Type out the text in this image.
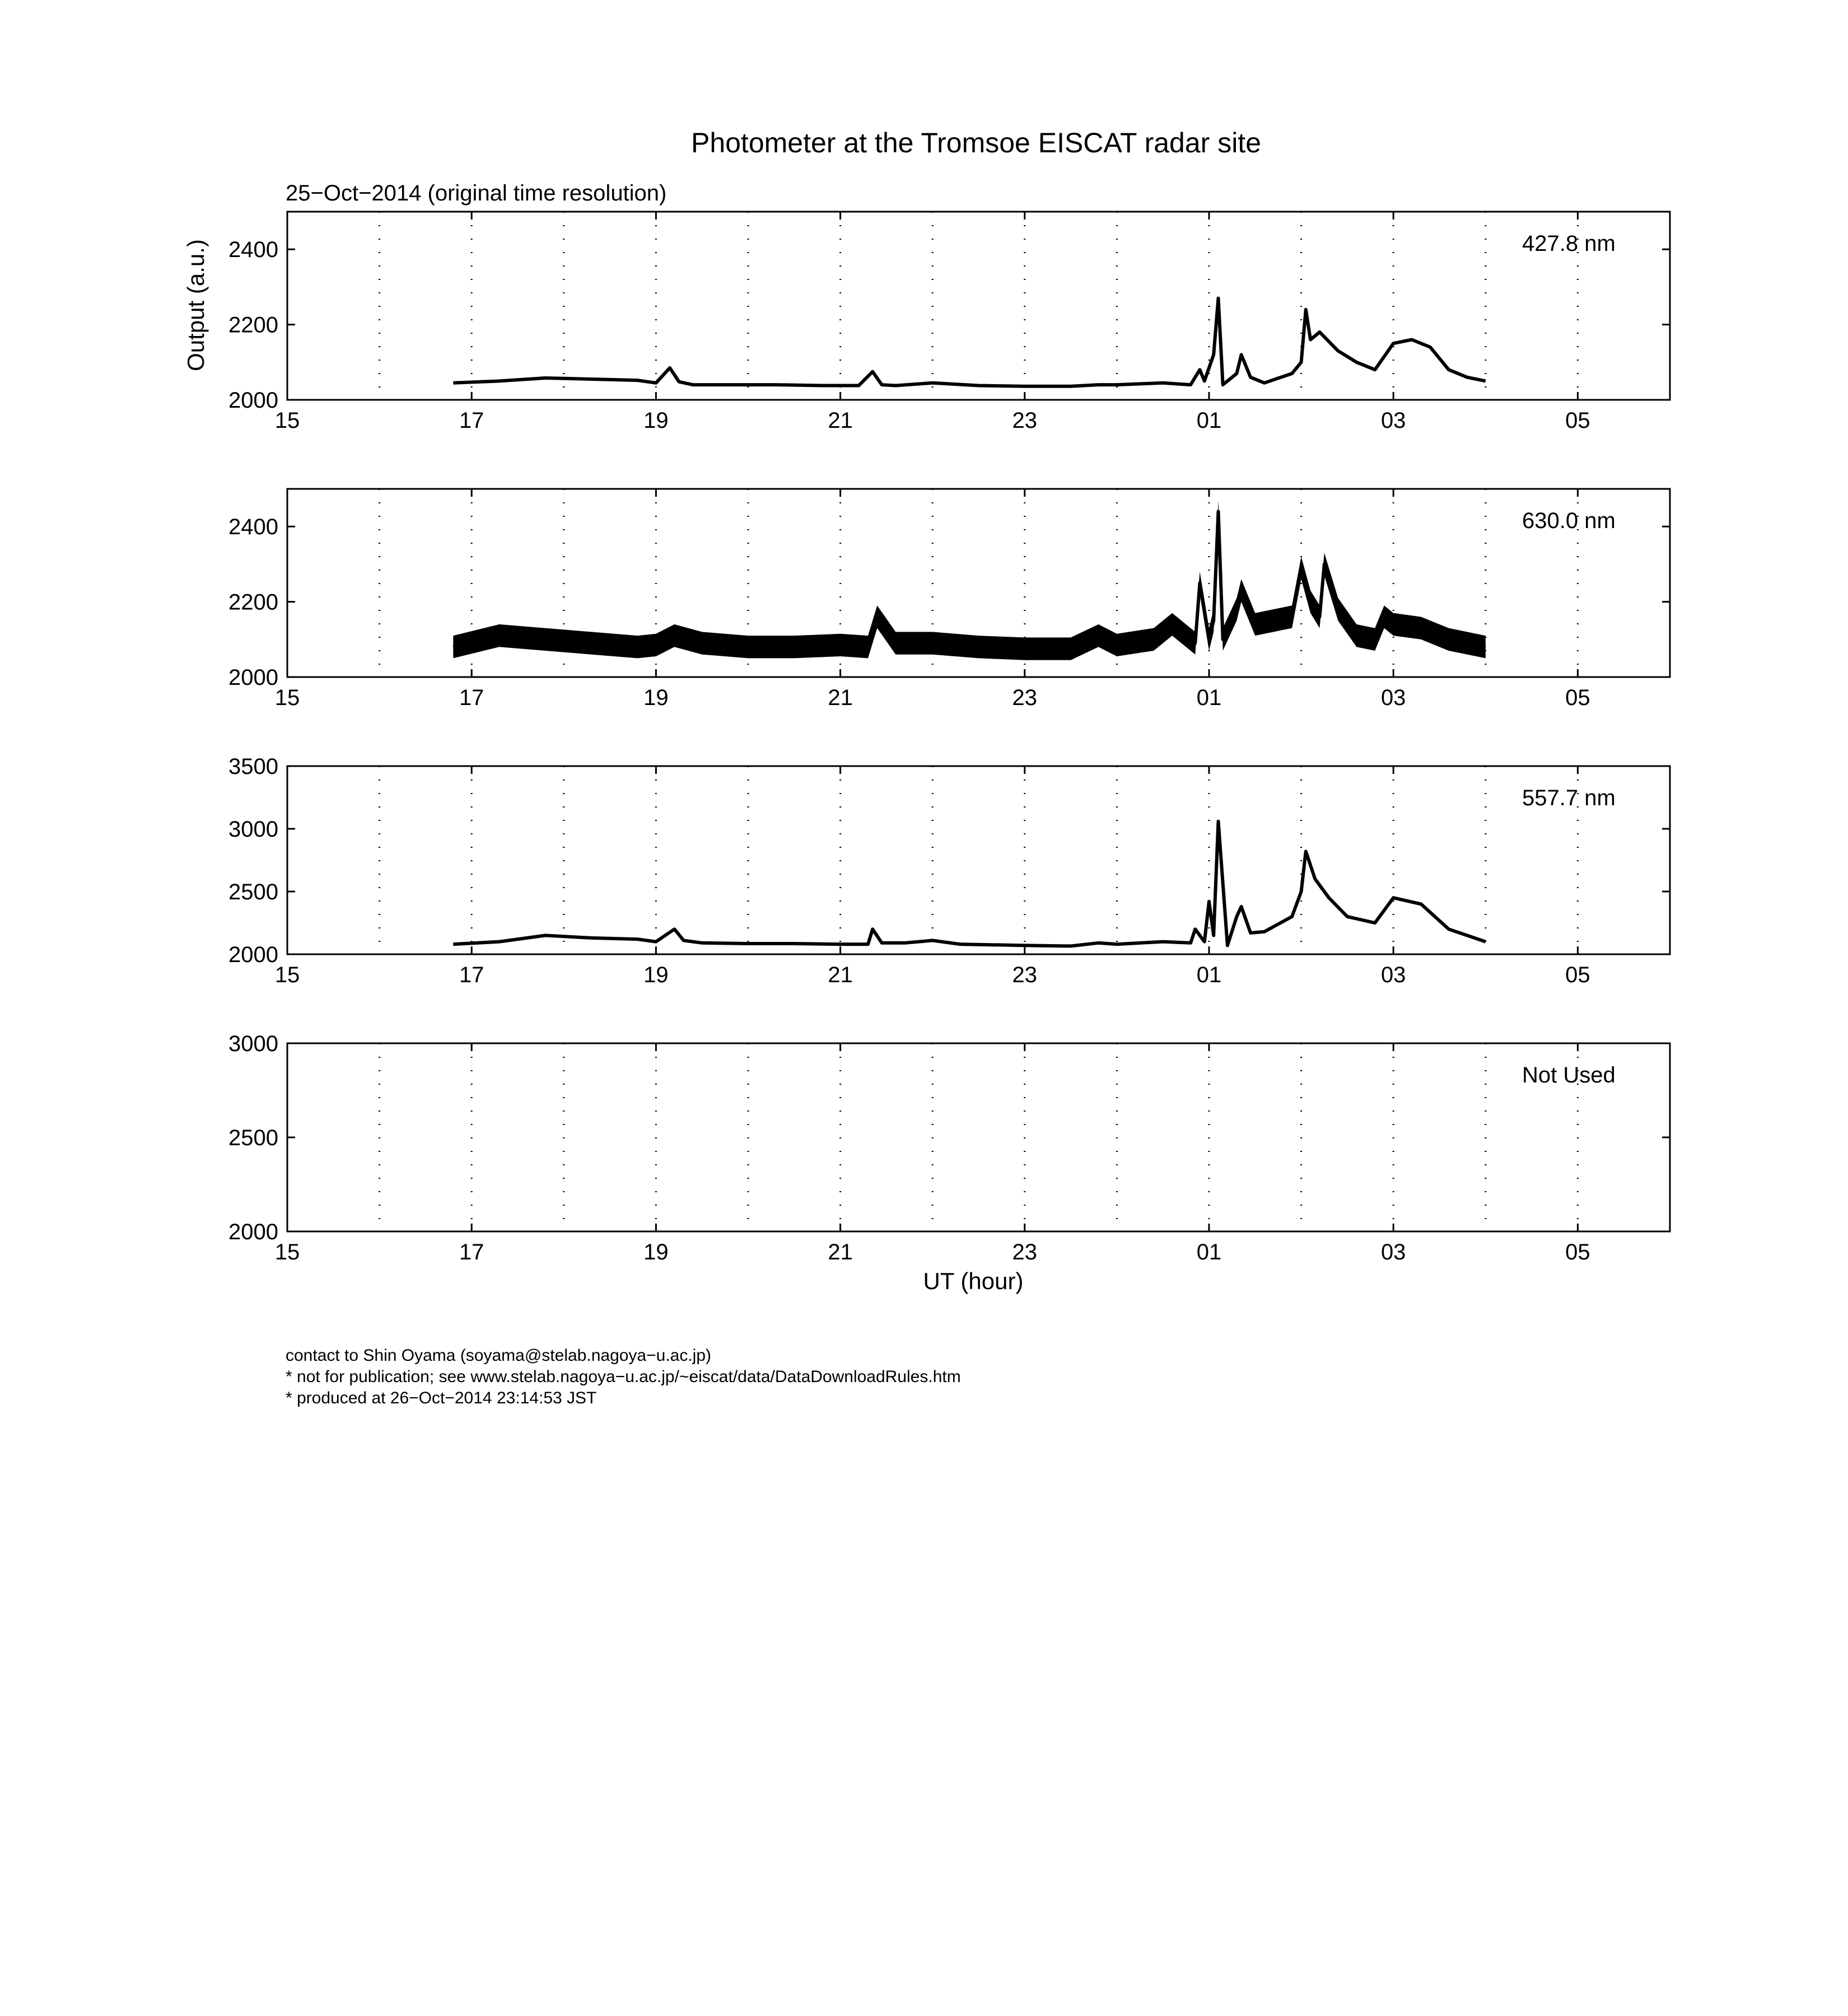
Photometer at the Tromsoe EISCAT radar site
25−Oct−2014 (original time resolution)
Output (a.u.)
UT (hour)
15	17	19	21	23	01	03	05
2000
2200
2400	427.8 nm
15	17	19	21	23	01	03	05
2000
2200
2400	630.0 nm
15	17	19	21	23	01	03	05
2000
2500
3000
3500
557.7 nm
15	17	19	21	23	01	03	05
2000
2500
3000
Not Used
contact to Shin Oyama (soyama@stelab.nagoya−u.ac.jp)
* not for publication; see www.stelab.nagoya−u.ac.jp/~eiscat/data/DataDownloadRules.htm
* produced at 26−Oct−2014 23:14:53 JST
